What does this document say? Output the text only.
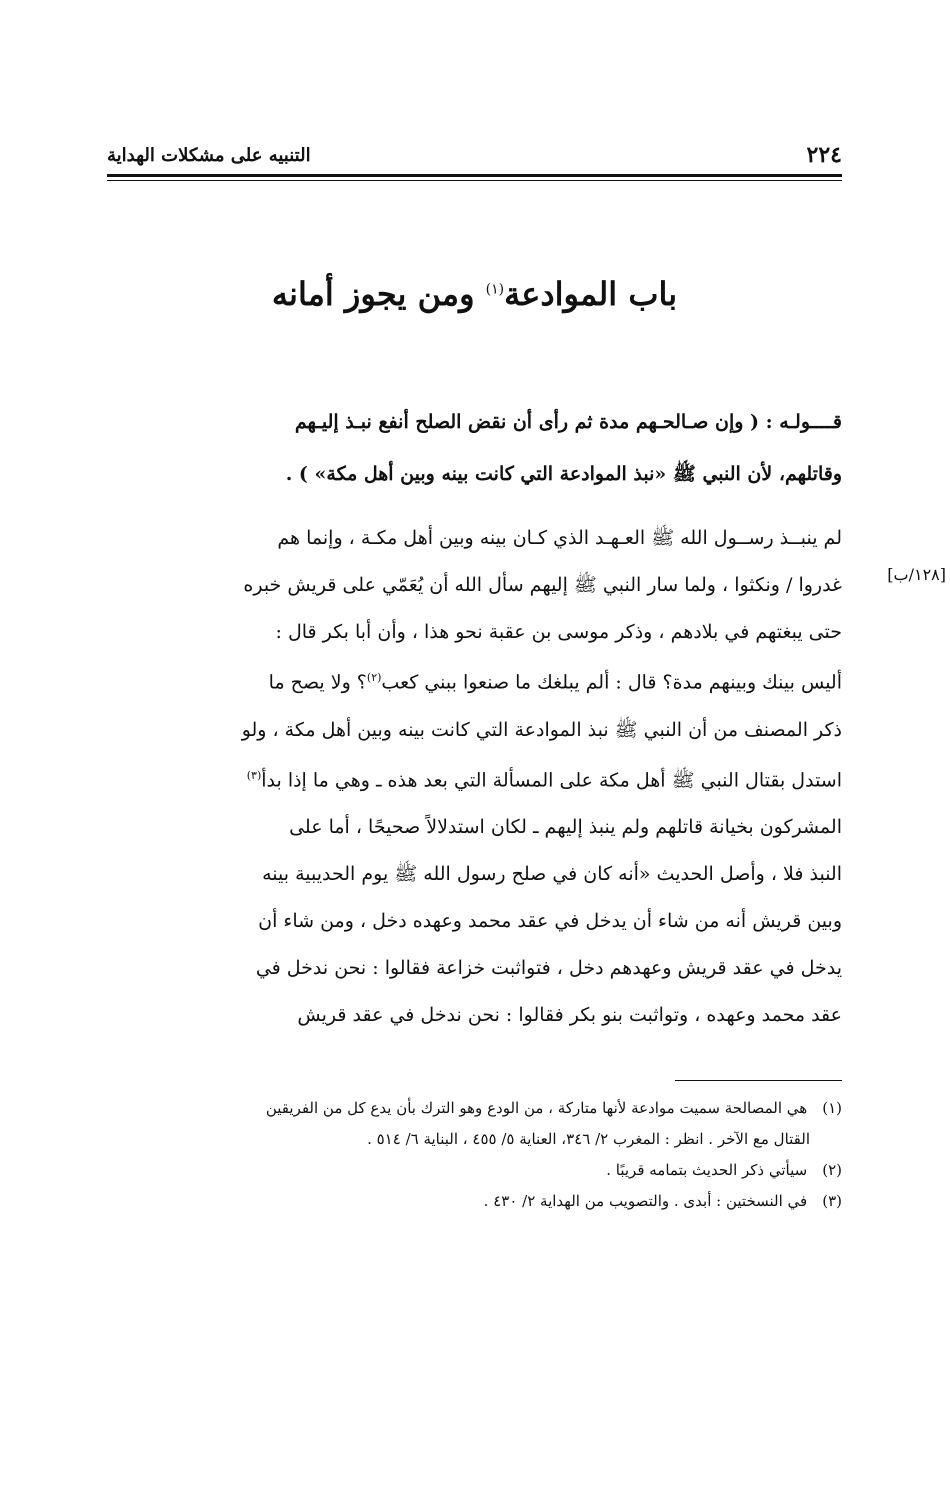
٢٢٤
التنبيه على مشكلات الهداية
باب الموادعة$^{(١)}$ ومن يجوز أمانه
قــــولـه : ( وإن صـالحـهم مدة ثم رأى أن نقض الصلح أنفع نبـذ إليـهم
وقاتلهم، لأن النبي ﷺ «نبذ الموادعة التي كانت بينه وبين أهل مكة» ) .
[١٢٨/ب]
لم ينبــذ رســول الله ﷺ العـهـد الذي كـان بينه وبين أهل مكـة ، وإنما هم
غدروا / ونكثوا ، ولما سار النبي ﷺ إليهم سأل الله أن يُعَمّي على قريش خبره
حتى يبغتهم في بلادهم ، وذكر موسى بن عقبة نحو هذا ، وأن أبا بكر قال :
أليس بينك وبينهم مدة؟ قال : ألم يبلغك ما صنعوا ببني كعب$^{(٢)}$؟ ولا يصح ما
ذكر المصنف من أن النبي ﷺ نبذ الموادعة التي كانت بينه وبين أهل مكة ، ولو
استدل بقتال النبي ﷺ أهل مكة على المسألة التي بعد هذه ـ وهي ما إذا بدأ$^{(٣)}$
المشركون بخيانة قاتلهم ولم ينبذ إليهم ـ لكان استدلالاً صحيحًا ، أما على
النبذ فلا ، وأصل الحديث «أنه كان في صلح رسول الله ﷺ يوم الحديبية بينه
وبين قريش أنه من شاء أن يدخل في عقد محمد وعهده دخل ، ومن شاء أن
يدخل في عقد قريش وعهدهم دخل ، فتواثبت خزاعة فقالوا : نحن ندخل في
عقد محمد وعهده ، وتواثبت بنو بكر فقالوا : نحن ندخل في عقد قريش
(١) هي المصالحة سميت موادعة لأنها متاركة ، من الودع وهو الترك بأن يدع كل من الفريقين
القتال مع الآخر . انظر : المغرب ٢/ ٣٤٦، العناية ٥/ ٤٥٥ ، البناية ٦/ ٥١٤ .
(٢) سيأتي ذكر الحديث بتمامه قريبًا .
(٣) في النسختين : أبدى . والتصويب من الهداية ٢/ ٤٣٠ .
